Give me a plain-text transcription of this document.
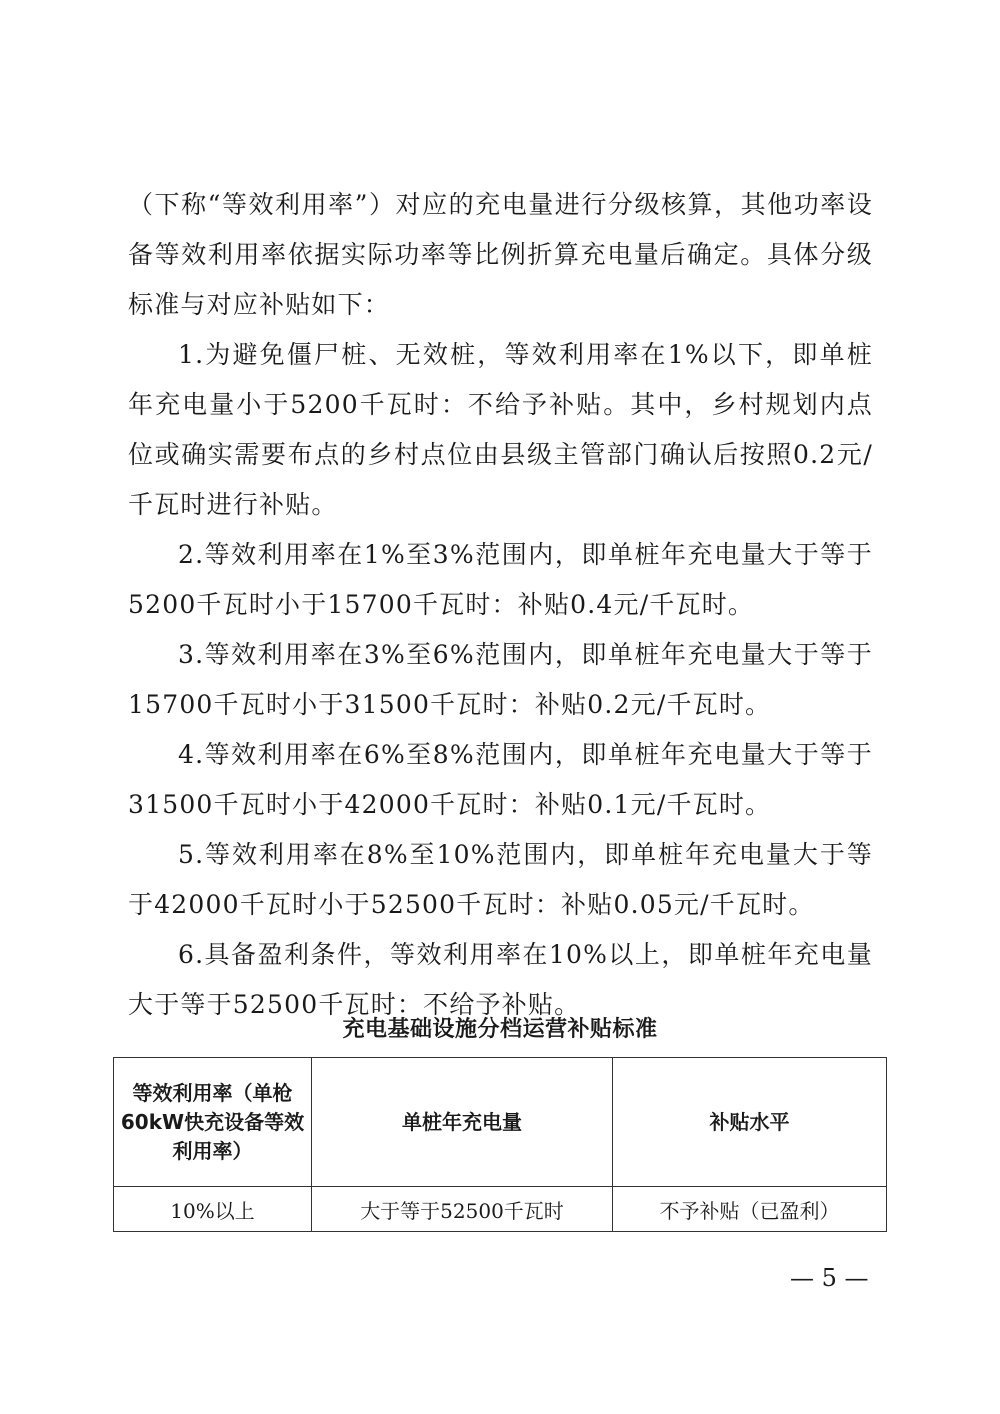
（下称“等效利用率”）对应的充电量进行分级核算，其他功率设备等效利用率依据实际功率等比例折算充电量后确定。具体分级标准与对应补贴如下：

1.为避免僵尸桩、无效桩，等效利用率在1%以下，即单桩年充电量小于5200千瓦时：不给予补贴。其中，乡村规划内点位或确实需要布点的乡村点位由县级主管部门确认后按照0.2元/千瓦时进行补贴。

2.等效利用率在1%至3%范围内，即单桩年充电量大于等于5200千瓦时小于15700千瓦时：补贴0.4元/千瓦时。

3.等效利用率在3%至6%范围内，即单桩年充电量大于等于15700千瓦时小于31500千瓦时：补贴0.2元/千瓦时。

4.等效利用率在6%至8%范围内，即单桩年充电量大于等于31500千瓦时小于42000千瓦时：补贴0.1元/千瓦时。

5.等效利用率在8%至10%范围内，即单桩年充电量大于等于42000千瓦时小于52500千瓦时：补贴0.05元/千瓦时。

6.具备盈利条件，等效利用率在10%以上，即单桩年充电量大于等于52500千瓦时：不给予补贴。

充电基础设施分档运营补贴标准
等效利用率（单枪60kW快充设备等效利用率）	单桩年充电量	补贴水平
10%以上	大于等于52500千瓦时	不予补贴（已盈利）
— 5 —
